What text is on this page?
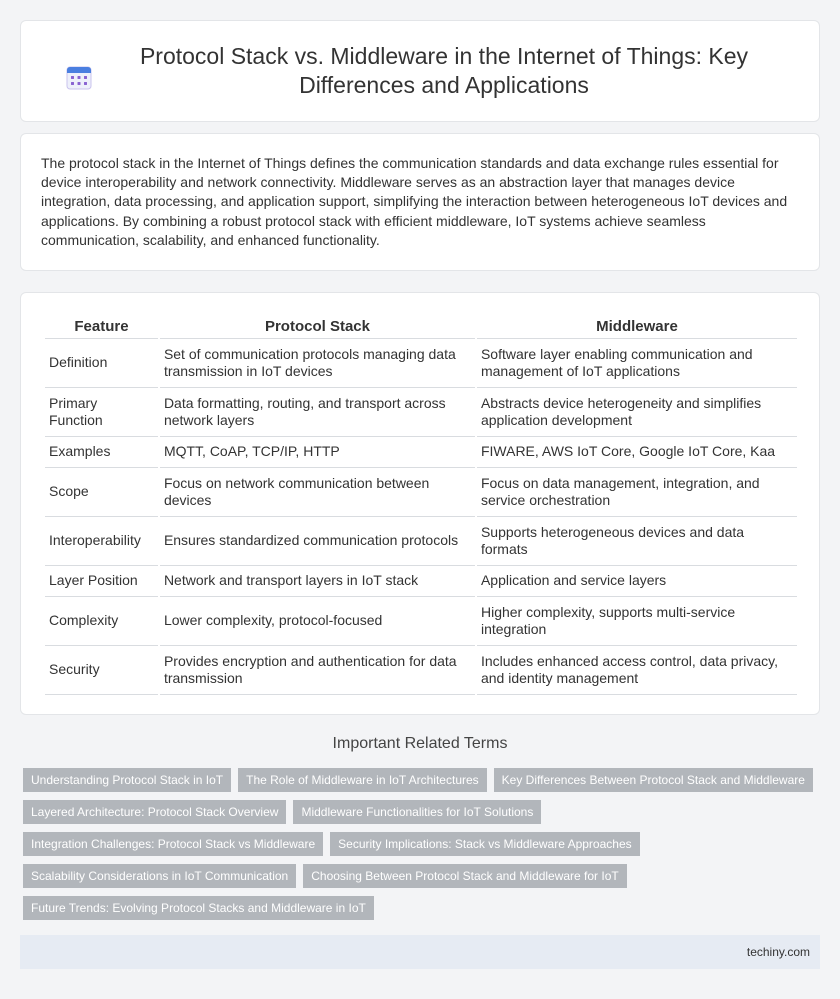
Protocol Stack vs. Middleware in the Internet of Things: Key Differences and Applications

The protocol stack in the Internet of Things defines the communication standards and data exchange rules essential for device interoperability and network connectivity. Middleware serves as an abstraction layer that manages device integration, data processing, and application support, simplifying the interaction between heterogeneous IoT devices and applications. By combining a robust protocol stack with efficient middleware, IoT systems achieve seamless communication, scalability, and enhanced functionality.

Feature	Protocol Stack	Middleware
Definition	Set of communication protocols managing data transmission in IoT devices	Software layer enabling communication and management of IoT applications
Primary Function	Data formatting, routing, and transport across network layers	Abstracts device heterogeneity and simplifies application development
Examples	MQTT, CoAP, TCP/IP, HTTP	FIWARE, AWS IoT Core, Google IoT Core, Kaa
Scope	Focus on network communication between devices	Focus on data management, integration, and service orchestration
Interoperability	Ensures standardized communication protocols	Supports heterogeneous devices and data formats
Layer Position	Network and transport layers in IoT stack	Application and service layers
Complexity	Lower complexity, protocol-focused	Higher complexity, supports multi-service integration
Security	Provides encryption and authentication for data transmission	Includes enhanced access control, data privacy, and identity management
Important Related Terms
Understanding Protocol Stack in IoT	The Role of Middleware in IoT Architectures	Key Differences Between Protocol Stack and Middleware
Layered Architecture: Protocol Stack Overview	Middleware Functionalities for IoT Solutions
Integration Challenges: Protocol Stack vs Middleware	Security Implications: Stack vs Middleware Approaches
Scalability Considerations in IoT Communication	Choosing Between Protocol Stack and Middleware for IoT
Future Trends: Evolving Protocol Stacks and Middleware in IoT
techiny.com
